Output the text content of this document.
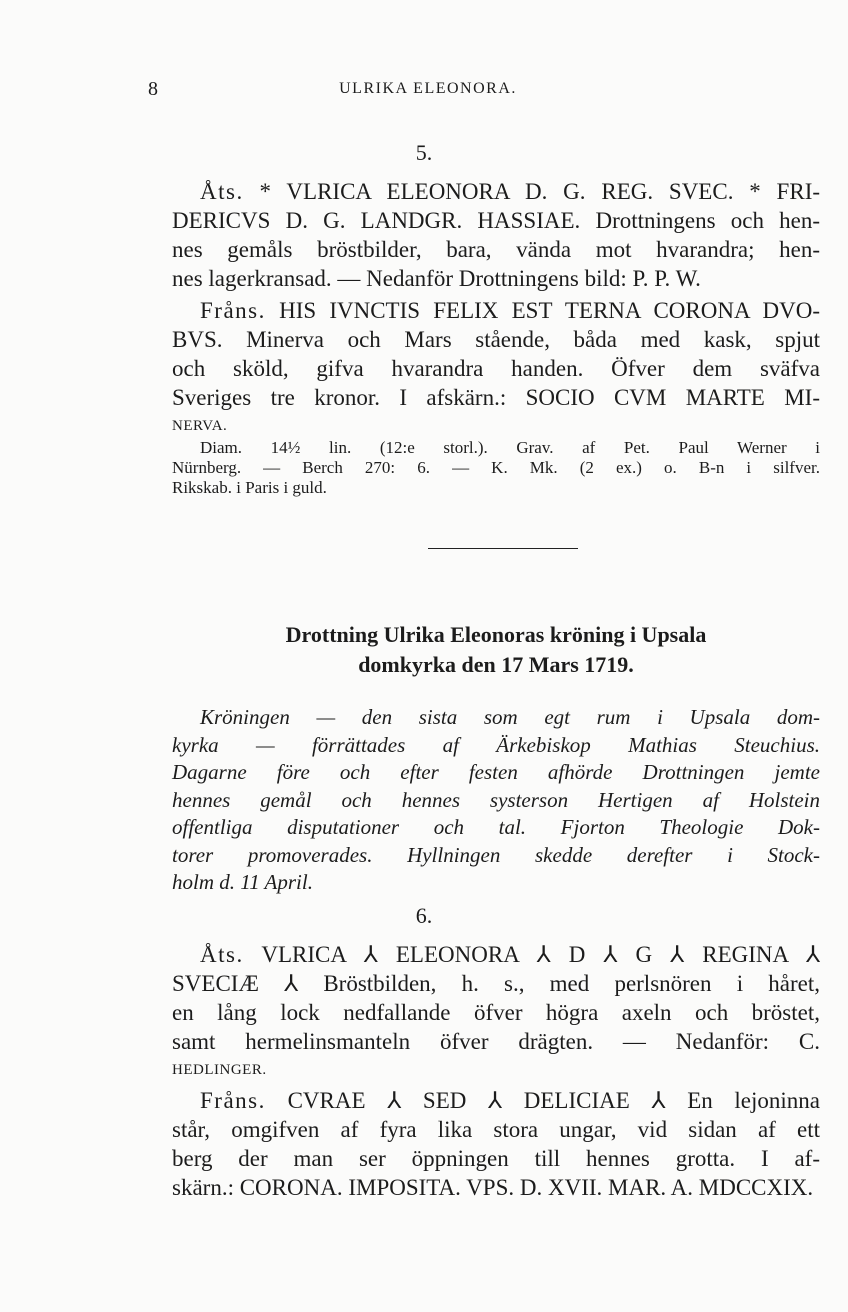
8	ULRIKA ELEONORA.
5.
Åts. * VLRICA ELEONORA D. G. REG. SVEC. * FRI-
DERICVS D. G. LANDGR. HASSIAE. Drottningens och hen-
nes gemåls bröstbilder, bara, vända mot hvarandra; hen-
nes lagerkransad. — Nedanför Drottningens bild: P. P. W.
Fråns. HIS IVNCTIS FELIX EST TERNA CORONA DVO-
BVS. Minerva och Mars stående, båda med kask, spjut
och sköld, gifva hvarandra handen. Öfver dem sväfva
Sveriges tre kronor. I afskärn.: SOCIO CVM MARTE MI-
NERVA.
Diam. 14½ lin. (12:e storl.). Grav. af Pet. Paul Werner i
Nürnberg. — Berch 270: 6. — K. Mk. (2 ex.) o. B-n i silfver.
Rikskab. i Paris i guld.
Drottning Ulrika Eleonoras kröning i Upsala
domkyrka den 17 Mars 1719.
Kröningen — den sista som egt rum i Upsala dom-
kyrka — förrättades af Ärkebiskop Mathias Steuchius.
Dagarne före och efter festen afhörde Drottningen jemte
hennes gemål och hennes systerson Hertigen af Holstein
offentliga disputationer och tal. Fjorton Theologie Dok-
torer promoverades. Hyllningen skedde derefter i Stock-
holm d. 11 April.
6.
Åts. VLRICA ⅄ ELEONORA ⅄ D ⅄ G ⅄ REGINA ⅄
SVECIÆ ⅄ Bröstbilden, h. s., med perlsnören i håret,
en lång lock nedfallande öfver högra axeln och bröstet,
samt hermelinsmanteln öfver drägten. — Nedanför: C.
HEDLINGER.
Fråns. CVRAE ⅄ SED ⅄ DELICIAE ⅄ En lejoninna
står, omgifven af fyra lika stora ungar, vid sidan af ett
berg der man ser öppningen till hennes grotta. I af-
skärn.: CORONA. IMPOSITA. VPS. D. XVII. MAR. A. MDCCXIX.
